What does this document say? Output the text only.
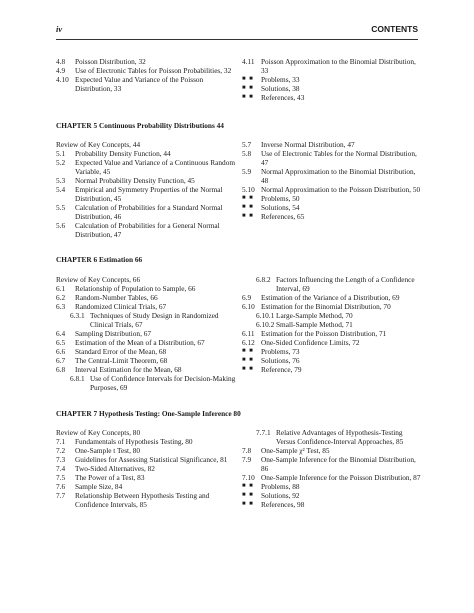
iv	CONTENTS
4.8	Poisson Distribution, 32
4.9	Use of Electronic Tables for Poisson Probabilities, 32
4.10 Expected Value and Variance of the Poisson Distribution, 33
4.11 Poisson Approximation to the Binomial Distribution, 33
■ ■ Problems, 33
■ ■ Solutions, 38
■ ■ References, 43
CHAPTER 5 Continuous Probability Distributions 44
Review of Key Concepts, 44
5.1	Probability Density Function, 44
5.2	Expected Value and Variance of a Continuous Random Variable, 45
5.3	Normal Probability Density Function, 45
5.4	Empirical and Symmetry Properties of the Normal Distribution, 45
5.5	Calculation of Probabilities for a Standard Normal Distribution, 46
5.6	Calculation of Probabilities for a General Normal Distribution, 47
5.7	Inverse Normal Distribution, 47
5.8	Use of Electronic Tables for the Normal Distribution, 47
5.9	Normal Approximation to the Binomial Distribution, 48
5.10 Normal Approximation to the Poisson Distribution, 50
■ ■ Problems, 50
■ ■ Solutions, 54
■ ■ References, 65
CHAPTER 6 Estimation 66
Review of Key Concepts, 66
6.1	Relationship of Population to Sample, 66
6.2	Random-Number Tables, 66
6.3	Randomized Clinical Trials, 67
6.3.1 Techniques of Study Design in Randomized Clinical Trials, 67
6.4	Sampling Distribution, 67
6.5	Estimation of the Mean of a Distribution, 67
6.6	Standard Error of the Mean, 68
6.7	The Central-Limit Theorem, 68
6.8	Interval Estimation for the Mean, 68
6.8.1 Use of Confidence Intervals for Decision-Making Purposes, 69
6.8.2 Factors Influencing the Length of a Confidence Interval, 69
6.9	Estimation of the Variance of a Distribution, 69
6.10 Estimation for the Binomial Distribution, 70
6.10.1 Large-Sample Method, 70
6.10.2 Small-Sample Method, 71
6.11 Estimation for the Poisson Distribution, 71
6.12 One-Sided Confidence Limits, 72
■ ■ Problems, 73
■ ■ Solutions, 76
■ ■ Reference, 79
CHAPTER 7 Hypothesis Testing: One-Sample Inference 80
Review of Key Concepts, 80
7.1	Fundamentals of Hypothesis Testing, 80
7.2	One-Sample t Test, 80
7.3	Guidelines for Assessing Statistical Significance, 81
7.4	Two-Sided Alternatives, 82
7.5	The Power of a Test, 83
7.6	Sample Size, 84
7.7	Relationship Between Hypothesis Testing and Confidence Intervals, 85
7.7.1 Relative Advantages of Hypothesis-Testing Versus Confidence-Interval Approaches, 85
7.8	One-Sample χ² Test, 85
7.9	One-Sample Inference for the Binomial Distribution, 86
7.10 One-Sample Inference for the Poisson Distribution, 87
■ ■ Problems, 88
■ ■ Solutions, 92
■ ■ References, 98
